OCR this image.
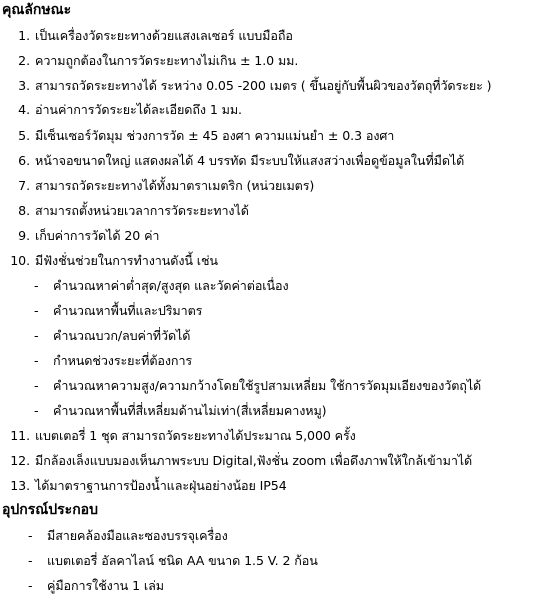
คุณลักษณะ
1. เป็นเครื่องวัดระยะทางด้วยแสงเลเซอร์ แบบมือถือ
2. ความถูกต้องในการวัดระยะทางไม่เกิน ± 1.0 มม.
3. สามารถวัดระยะทางได้ ระหว่าง 0.05 -200 เมตร ( ขึ้นอยู่กับพื้นผิวของวัตถุที่วัดระยะ )
4. อ่านค่าการวัดระยะได้ละเอียดถึง 1 มม.
5. มีเซ็นเซอร์วัดมุม ช่วงการวัด ± 45 องศา ความแม่นยำ ± 0.3 องศา
6. หน้าจอขนาดใหญ่ แสดงผลได้ 4 บรรทัด มีระบบให้แสงสว่างเพื่อดูข้อมูลในที่มืดได้
7. สามารถวัดระยะทางได้ทั้งมาตราเมตริก (หน่วยเมตร)
8. สามารถตั้งหน่วยเวลาการวัดระยะทางได้
9. เก็บค่าการวัดได้ 20 ค่า
10. มีฟังชั่นช่วยในการทำงานดังนี้ เช่น
- คำนวณหาค่าต่ำสุด/สูงสุด และวัดค่าต่อเนื่อง
- คำนวณหาพื้นที่และปริมาตร
- คำนวณบวก/ลบค่าที่วัดได้
- กำหนดช่วงระยะที่ต้องการ
- คำนวณหาความสูง/ความกว้างโดยใช้รูปสามเหลี่ยม ใช้การวัดมุมเอียงของวัตถุได้
- คำนวณหาพื้นที่สี่เหลี่ยมด้านไม่เท่า(สี่เหลี่ยมคางหมู)
11. แบตเตอรี่ 1 ชุด สามารถวัดระยะทางได้ประมาณ 5,000 ครั้ง
12. มีกล้องเล็งแบบมองเห็นภาพระบบ Digital,ฟังชั่น zoom เพื่อดึงภาพให้ใกล้เข้ามาได้
13. ได้มาตราฐานการป้องน้ำและฝุ่นอย่างน้อย IP54
อุปกรณ์ประกอบ
- มีสายคล้องมือและซองบรรจุเครื่อง
- แบตเตอรี่ อัลคาไลน์ ชนิด AA ขนาด 1.5 V. 2 ก้อน
- คู่มือการใช้งาน 1 เล่ม
